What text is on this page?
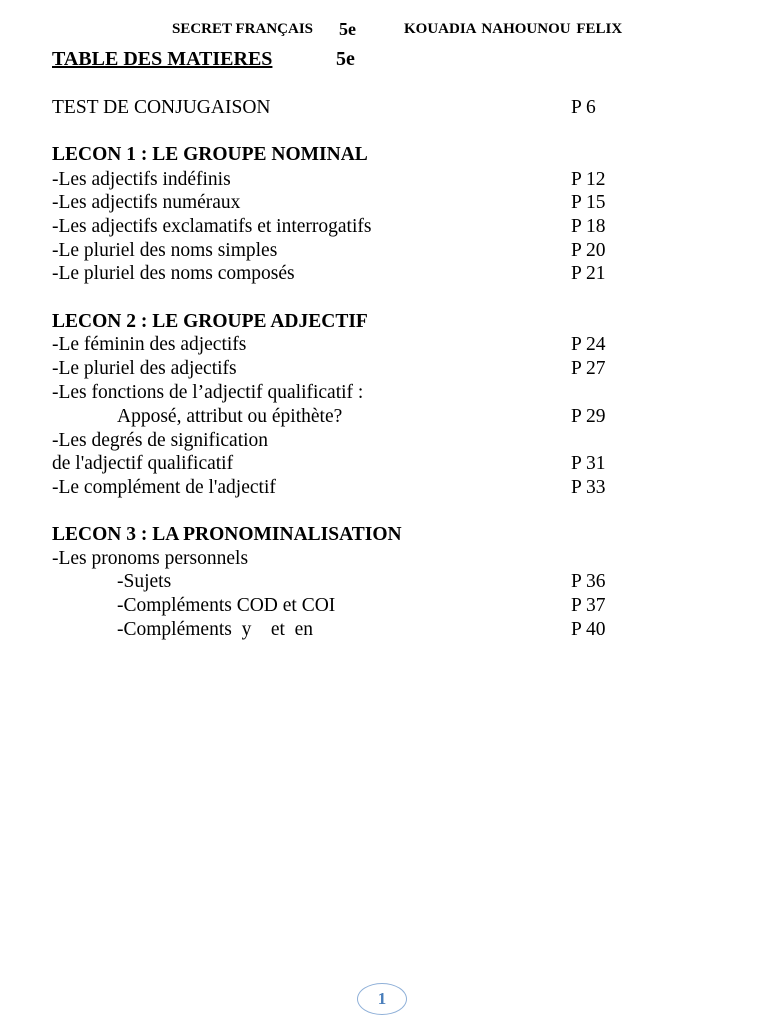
SECRET FRANÇAIS 5e	KOUADIA NAHOUNOU FELIX
TABLE DES MATIERES	5e
TEST DE CONJUGAISON	P 6
LECON 1 : LE GROUPE NOMINAL
-Les adjectifs indéfinis	P 12
-Les adjectifs numéraux	P 15
-Les adjectifs exclamatifs et interrogatifs	P 18
-Le pluriel des noms simples	P 20
-Le pluriel des noms composés	P 21
LECON 2 : LE GROUPE ADJECTIF
-Le féminin des adjectifs	P 24
-Le pluriel des adjectifs	P 27
-Les fonctions de l’adjectif qualificatif :
Apposé, attribut ou épithète?	P 29
-Les degrés de signification
de l'adjectif qualificatif	P 31
-Le complément de l'adjectif	P 33
LECON 3 : LA PRONOMINALISATION
-Les pronoms personnels
-Sujets	P 36
-Compléments COD et COI	P 37
-Compléments  y    et  en	P 40
1
